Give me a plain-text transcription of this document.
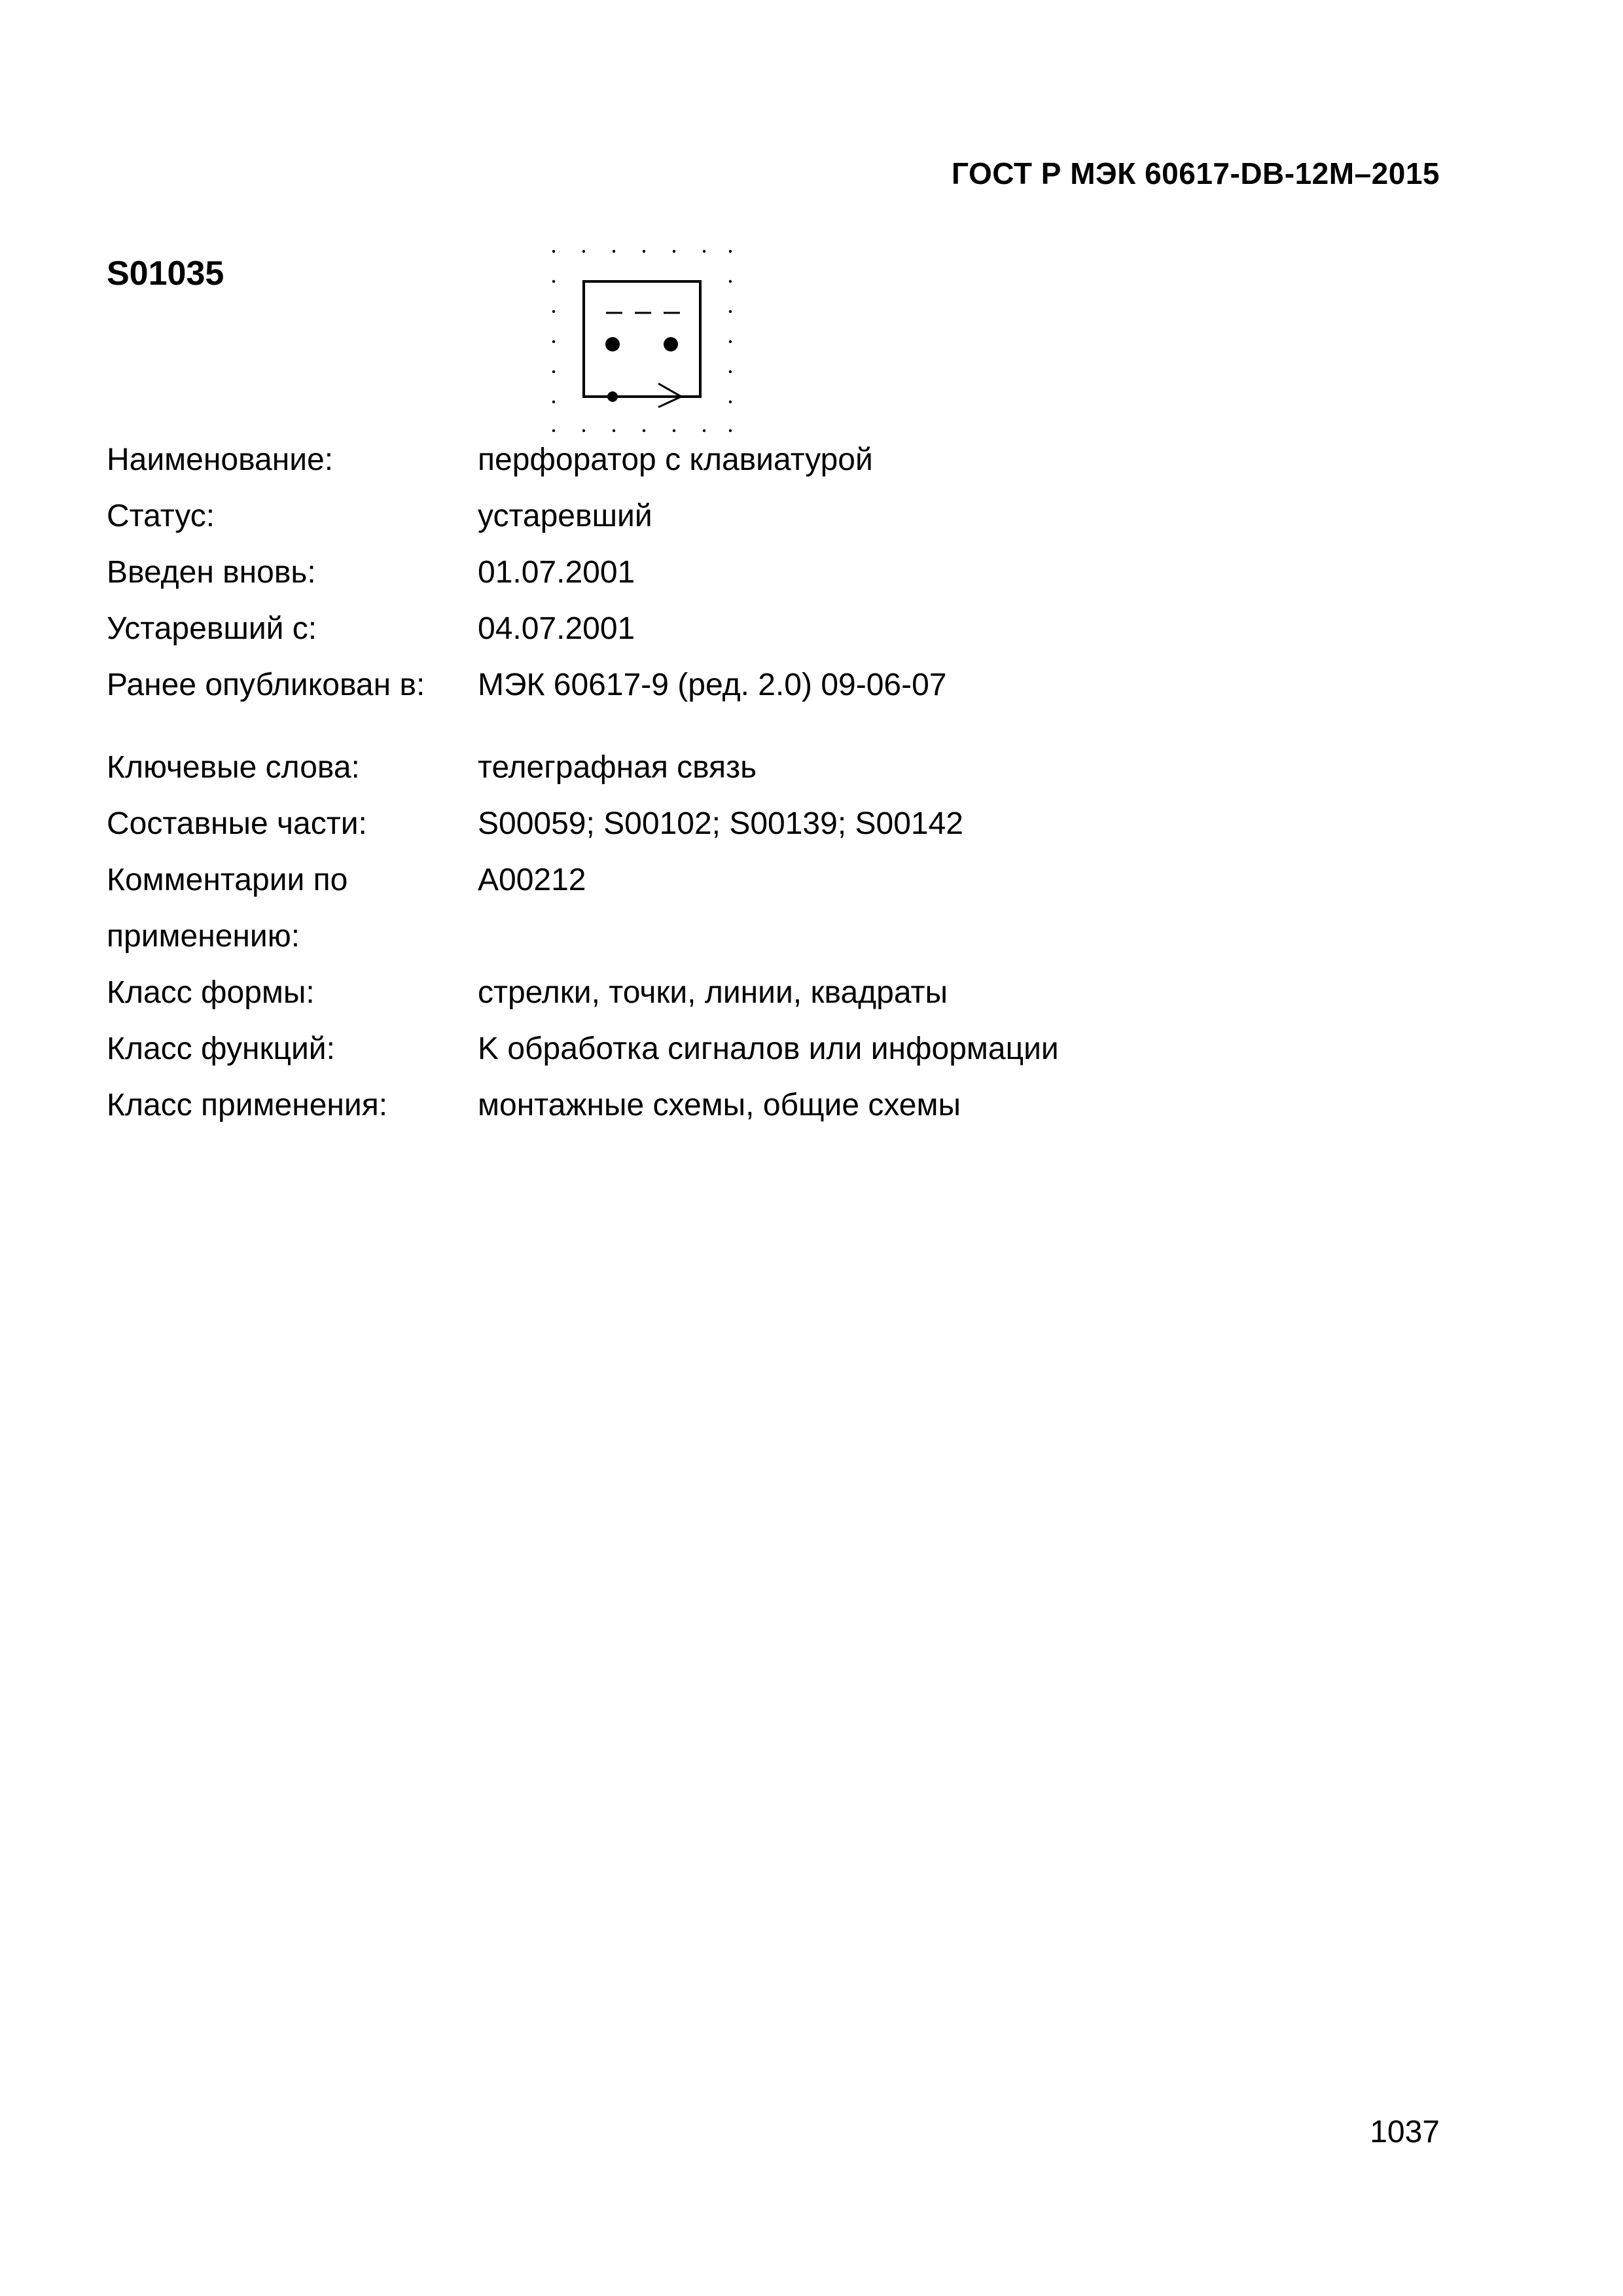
ГОСТ Р МЭК 60617-DB-12M–2015
S01035
Наименование:	перфоратор с клавиатурой
Статус:	устаревший
Введен вновь:	01.07.2001
Устаревший с:	04.07.2001
Ранее опубликован в: МЭК 60617-9 (ред. 2.0) 09-06-07
Ключевые слова:	телеграфная связь
Составные части:	S00059; S00102; S00139; S00142
Комментарии по применению:
A00212
Класс формы:	стрелки, точки, линии, квадраты
Класс функций:	K обработка сигналов или информации
Класс применения:	монтажные схемы, общие схемы
1037
